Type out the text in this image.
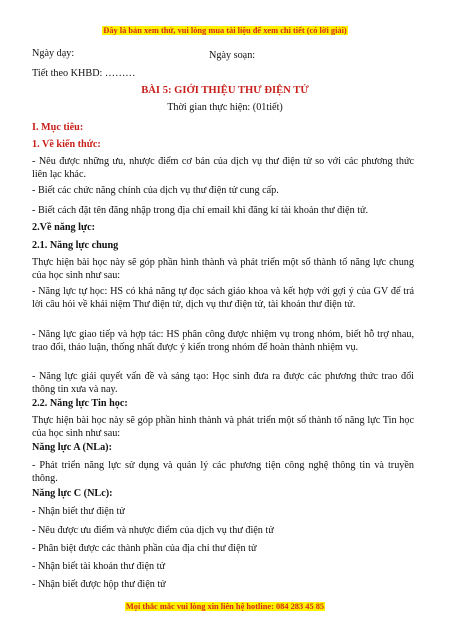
Đây là bản xem thử, vui lòng mua tài liệu để xem chi tiết (có lời giải)
Ngày dạy:	Ngày soạn:
Tiết theo KHBD: ………
BÀI 5: GIỚI THIỆU THƯ ĐIỆN TỬ
Thời gian thực hiện: (01tiết)
I. Mục tiêu:
1. Về kiến thức:
- Nêu được những ưu, nhược điểm cơ bản của dịch vụ thư điện tử so với các phương thức liên lạc khác.
- Biết các chức năng chính của dịch vụ thư điện tử cung cấp.
- Biết cách đặt tên đăng nhập trong địa chỉ email khi đăng kí tài khoản thư điện tử.
2.Về năng lực:
2.1. Năng lực chung
Thực hiện bài học này sẽ góp phần hình thành và phát triển một số thành tố năng lực chung của học sinh như sau:
- Năng lực tự học: HS có khả năng tự đọc sách giáo khoa và kết hợp với gợi ý của GV để trả lời câu hỏi về khái niệm Thư điện tử, dịch vụ thư điện tử, tài khoản thư điện tử.
- Năng lực giao tiếp và hợp tác: HS phân công được nhiệm vụ trong nhóm, biết hỗ trợ nhau, trao đổi, thảo luận, thống nhất được ý kiến trong nhóm để hoàn thành nhiệm vụ.
- Năng lực giải quyết vấn đề và sáng tạo: Học sinh đưa ra được các phương thức trao đổi thông tin xưa và nay.
2.2. Năng lực Tin học:
Thực hiện bài học này sẽ góp phần hình thành và phát triển một số thành tố năng lực Tin học của học sinh như sau:
Năng lực A (NLa):
- Phát triển năng lực sử dụng và quản lý các phương tiện công nghệ thông tin và truyền thông.
Năng lực C (NLc):
- Nhận biết thư điện tử
- Nêu được ưu điểm và nhược điểm của dịch vụ thư điện tử
- Phân biệt được các thành phần của địa chỉ thư điện tử
- Nhận biết tài khoản thư điện tử
- Nhận biết được hộp thư điện tử
Mọi thắc mắc vui lòng xin liên hệ hotline: 084 283 45 85
